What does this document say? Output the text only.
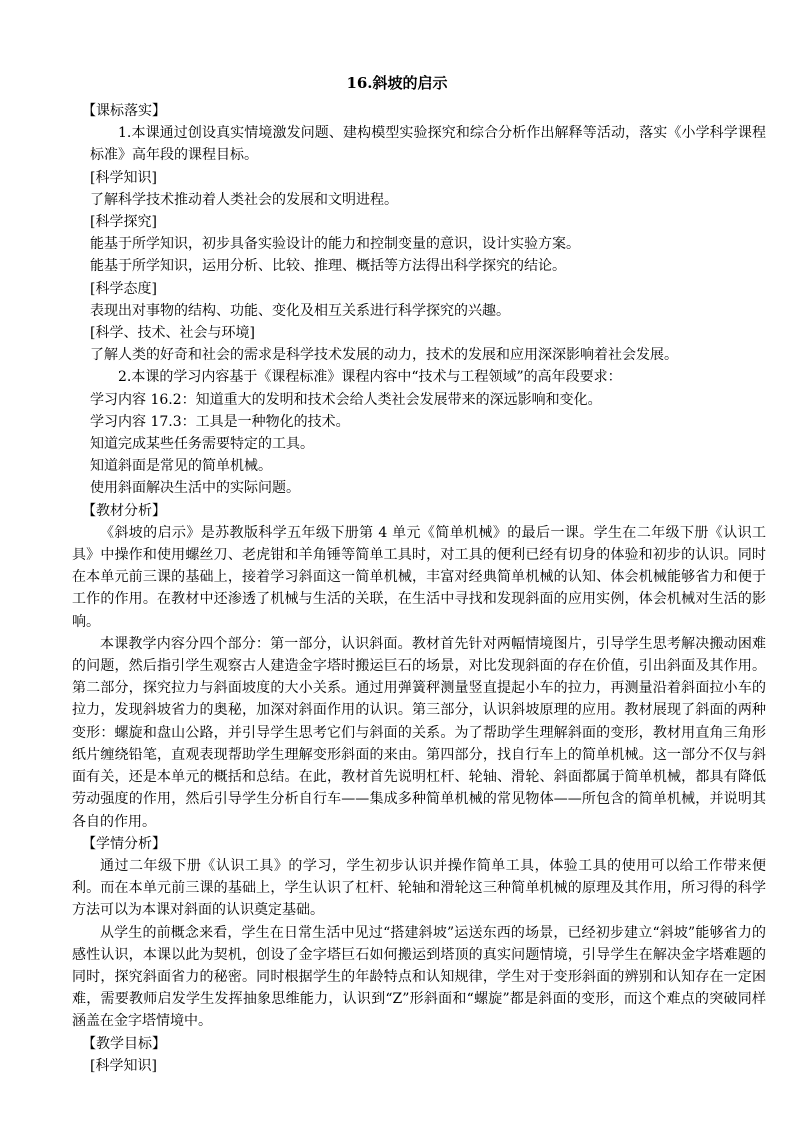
16.斜坡的启示

【课标落实】

1.本课通过创设真实情境激发问题、建构模型实验探究和综合分析作出解释等活动，落实《小学科学课程标准》高年段的课程目标。

[科学知识]

了解科学技术推动着人类社会的发展和文明进程。

[科学探究]

能基于所学知识，初步具备实验设计的能力和控制变量的意识，设计实验方案。

能基于所学知识，运用分析、比较、推理、概括等方法得出科学探究的结论。

[科学态度]

表现出对事物的结构、功能、变化及相互关系进行科学探究的兴趣。

[科学、技术、社会与环境]

了解人类的好奇和社会的需求是科学技术发展的动力，技术的发展和应用深深影响着社会发展。

2.本课的学习内容基于《课程标准》课程内容中“技术与工程领域”的高年段要求：

学习内容 16.2：知道重大的发明和技术会给人类社会发展带来的深远影响和变化。

学习内容 17.3：工具是一种物化的技术。

知道完成某些任务需要特定的工具。

知道斜面是常见的简单机械。

使用斜面解决生活中的实际问题。

【教材分析】

《斜坡的启示》是苏教版科学五年级下册第 4 单元《简单机械》的最后一课。学生在二年级下册《认识工具》中操作和使用螺丝刀、老虎钳和羊角锤等简单工具时，对工具的便利已经有切身的体验和初步的认识。同时在本单元前三课的基础上，接着学习斜面这一简单机械，丰富对经典简单机械的认知、体会机械能够省力和便于工作的作用。在教材中还渗透了机械与生活的关联，在生活中寻找和发现斜面的应用实例，体会机械对生活的影响。

本课教学内容分四个部分：第一部分，认识斜面。教材首先针对两幅情境图片，引导学生思考解决搬动困难的问题，然后指引学生观察古人建造金字塔时搬运巨石的场景，对比发现斜面的存在价值，引出斜面及其作用。第二部分，探究拉力与斜面坡度的大小关系。通过用弹簧秤测量竖直提起小车的拉力，再测量沿着斜面拉小车的拉力，发现斜坡省力的奥秘，加深对斜面作用的认识。第三部分，认识斜坡原理的应用。教材展现了斜面的两种变形：螺旋和盘山公路，并引导学生思考它们与斜面的关系。为了帮助学生理解斜面的变形，教材用直角三角形纸片缠绕铅笔，直观表现帮助学生理解变形斜面的来由。第四部分，找自行车上的简单机械。这一部分不仅与斜面有关，还是本单元的概括和总结。在此，教材首先说明杠杆、轮轴、滑轮、斜面都属于简单机械，都具有降低劳动强度的作用，然后引导学生分析自行车——集成多种简单机械的常见物体——所包含的简单机械，并说明其各自的作用。

【学情分析】

通过二年级下册《认识工具》的学习，学生初步认识并操作简单工具，体验工具的使用可以给工作带来便利。而在本单元前三课的基础上，学生认识了杠杆、轮轴和滑轮这三种简单机械的原理及其作用，所习得的科学方法可以为本课对斜面的认识奠定基础。

从学生的前概念来看，学生在日常生活中见过“搭建斜坡”运送东西的场景，已经初步建立“斜坡”能够省力的感性认识，本课以此为契机，创设了金字塔巨石如何搬运到塔顶的真实问题情境，引导学生在解决金字塔难题的同时，探究斜面省力的秘密。同时根据学生的年龄特点和认知规律，学生对于变形斜面的辨别和认知存在一定困难，需要教师启发学生发挥抽象思维能力，认识到“Z”形斜面和“螺旋”都是斜面的变形，而这个难点的突破同样涵盖在金字塔情境中。

【教学目标】

[科学知识]
